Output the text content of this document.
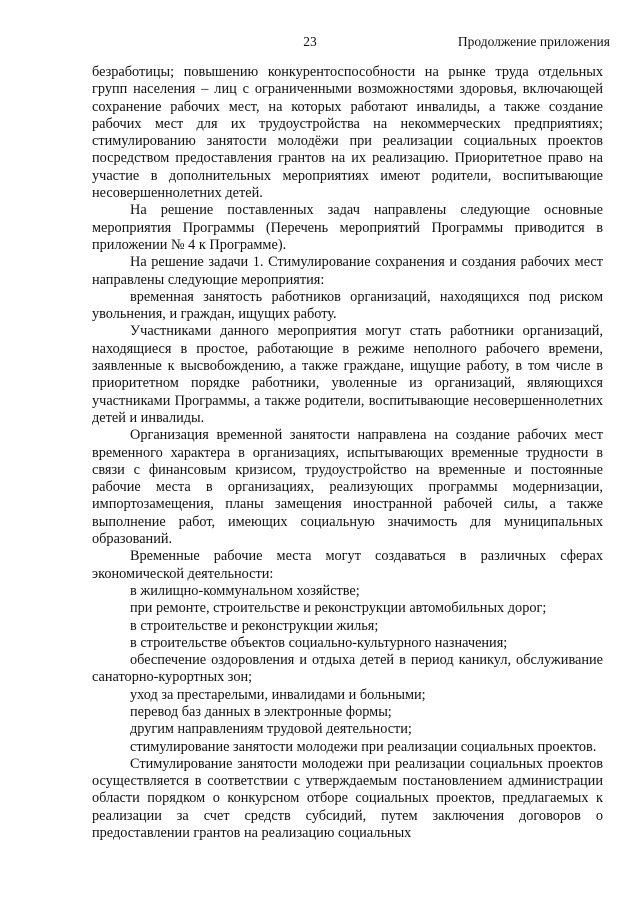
23	Продолжение приложения

безработицы; повышению конкурентоспособности на рынке труда отдельных групп населения – лиц с ограниченными возможностями здоровья, включающей сохранение рабочих мест, на которых работают инвалиды, а также создание рабочих мест для их трудоустройства на некоммерческих предприятиях; стимулированию занятости молодёжи при реализации социальных проектов посредством предоставления грантов на их реализацию. Приоритетное право на участие в дополнительных мероприятиях имеют родители, воспитывающие несовершеннолетних детей.

На решение поставленных задач направлены следующие основные мероприятия Программы (Перечень мероприятий Программы приводится в приложении № 4 к Программе).

На решение задачи 1. Стимулирование сохранения и создания рабочих мест направлены следующие мероприятия:

временная занятость работников организаций, находящихся под риском увольнения, и граждан, ищущих работу.

Участниками данного мероприятия могут стать работники организаций, находящиеся в простое, работающие в режиме неполного рабочего времени, заявленные к высвобождению, а также граждане, ищущие работу, в том числе в приоритетном порядке работники, уволенные из организаций, являющихся участниками Программы, а также родители, воспитывающие несовершеннолетних детей и инвалиды.

Организация временной занятости направлена на создание рабочих мест временного характера в организациях, испытывающих временные трудности в связи с финансовым кризисом, трудоустройство на временные и постоянные рабочие места в организациях, реализующих программы модернизации, импортозамещения, планы замещения иностранной рабочей силы, а также выполнение работ, имеющих социальную значимость для муниципальных образований.

Временные рабочие места могут создаваться в различных сферах экономической деятельности:

в жилищно-коммунальном хозяйстве;

при ремонте, строительстве и реконструкции автомобильных дорог;

в строительстве и реконструкции жилья;

в строительстве объектов социально-культурного назначения;

обеспечение оздоровления и отдыха детей в период каникул, обслуживание санаторно-курортных зон;

уход за престарелыми, инвалидами и больными;

перевод баз данных в электронные формы;

другим направлениям трудовой деятельности;

стимулирование занятости молодежи при реализации социальных проектов.

Стимулирование занятости молодежи при реализации социальных проектов осуществляется в соответствии с утверждаемым постановлением администрации области порядком о конкурсном отборе социальных проектов, предлагаемых к реализации за счет средств субсидий, путем заключения договоров о предоставлении грантов на реализацию социальных
